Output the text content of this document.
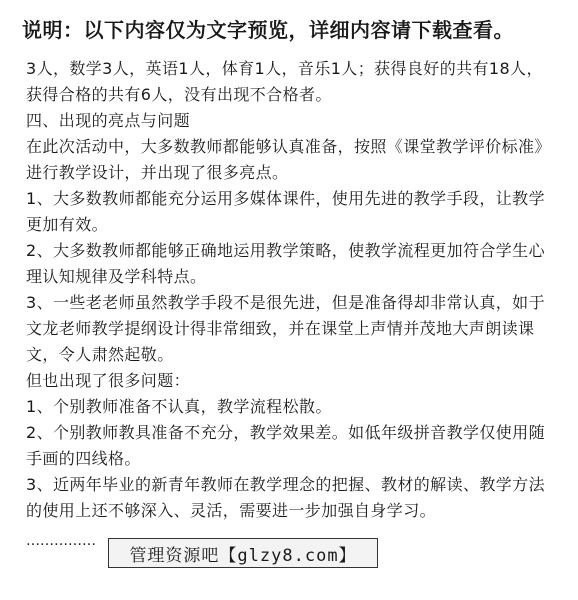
说明：以下内容仅为文字预览，详细内容请下载查看。

3人，数学3人，英语1人，体育1人，音乐1人；获得良好的共有18人，获得合格的共有6人，没有出现不合格者。

四、出现的亮点与问题

在此次活动中，大多数教师都能够认真准备，按照《课堂教学评价标准》进行教学设计，并出现了很多亮点。

1、大多数教师都能充分运用多媒体课件，使用先进的教学手段，让教学更加有效。

2、大多数教师都能够正确地运用教学策略，使教学流程更加符合学生心理认知规律及学科特点。

3、一些老老师虽然教学手段不是很先进，但是准备得却非常认真，如于文龙老师教学提纲设计得非常细致，并在课堂上声情并茂地大声朗读课文，令人肃然起敬。

但也出现了很多问题：

1、个别教师准备不认真，教学流程松散。

2、个别教师教具准备不充分，教学效果差。如低年级拼音教学仅使用随手画的四线格。

3、近两年毕业的新青年教师在教学理念的把握、教材的解读、教学方法的使用上还不够深入、灵活，需要进一步加强自身学习。

……………
管理资源吧【glzy8.com】
